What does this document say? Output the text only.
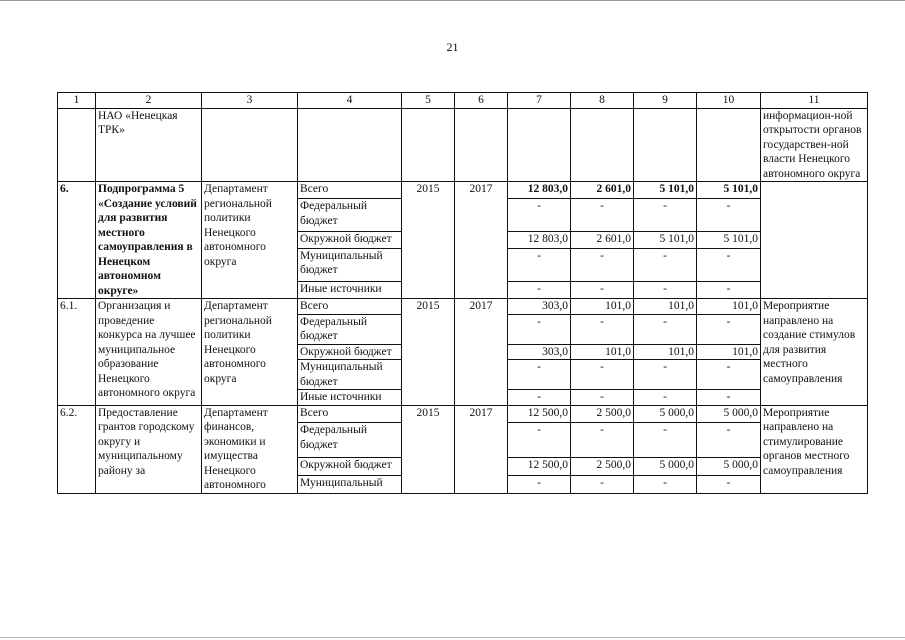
21
1	2	3	4	5	6	7	8	9	10	11
	НАО «Ненецкая ТРК»									информацион-ной открытости органов государствен-ной власти Ненецкого автономного округа
6.	Подпрограмма 5 «Создание условий для развития местного самоуправления в Ненецком автономном округе»	Департамент региональной политики Ненецкого автономного округа	Всего	2015	2017	12 803,0	2 601,0	5 101,0	5 101,0	
			Федеральный бюджет			-	-	-	-	
			Окружной бюджет			12 803,0	2 601,0	5 101,0	5 101,0	
			Муниципальный бюджет			-	-	-	-	
			Иные источники			-	-	-	-	
6.1.	Организация и проведение конкурса на лучшее муниципальное образование Ненецкого автономного округа	Департамент региональной политики Ненецкого автономного округа	Всего	2015	2017	303,0	101,0	101,0	101,0	Мероприятие направлено на создание стимулов для развития местного самоуправления
			Федеральный бюджет			-	-	-	-	
			Окружной бюджет			303,0	101,0	101,0	101,0	
			Муниципальный бюджет			-	-	-	-	
			Иные источники			-	-	-	-	
6.2.	Предоставление грантов городскому округу и муниципальному району за	Департамент финансов, экономики и имущества Ненецкого автономного	Всего	2015	2017	12 500,0	2 500,0	5 000,0	5 000,0	Мероприятие направлено на стимулирование органов местного самоуправления
			Федеральный бюджет			-	-	-	-	
			Окружной бюджет			12 500,0	2 500,0	5 000,0	5 000,0	
			Муниципальный			-	-	-	-	
